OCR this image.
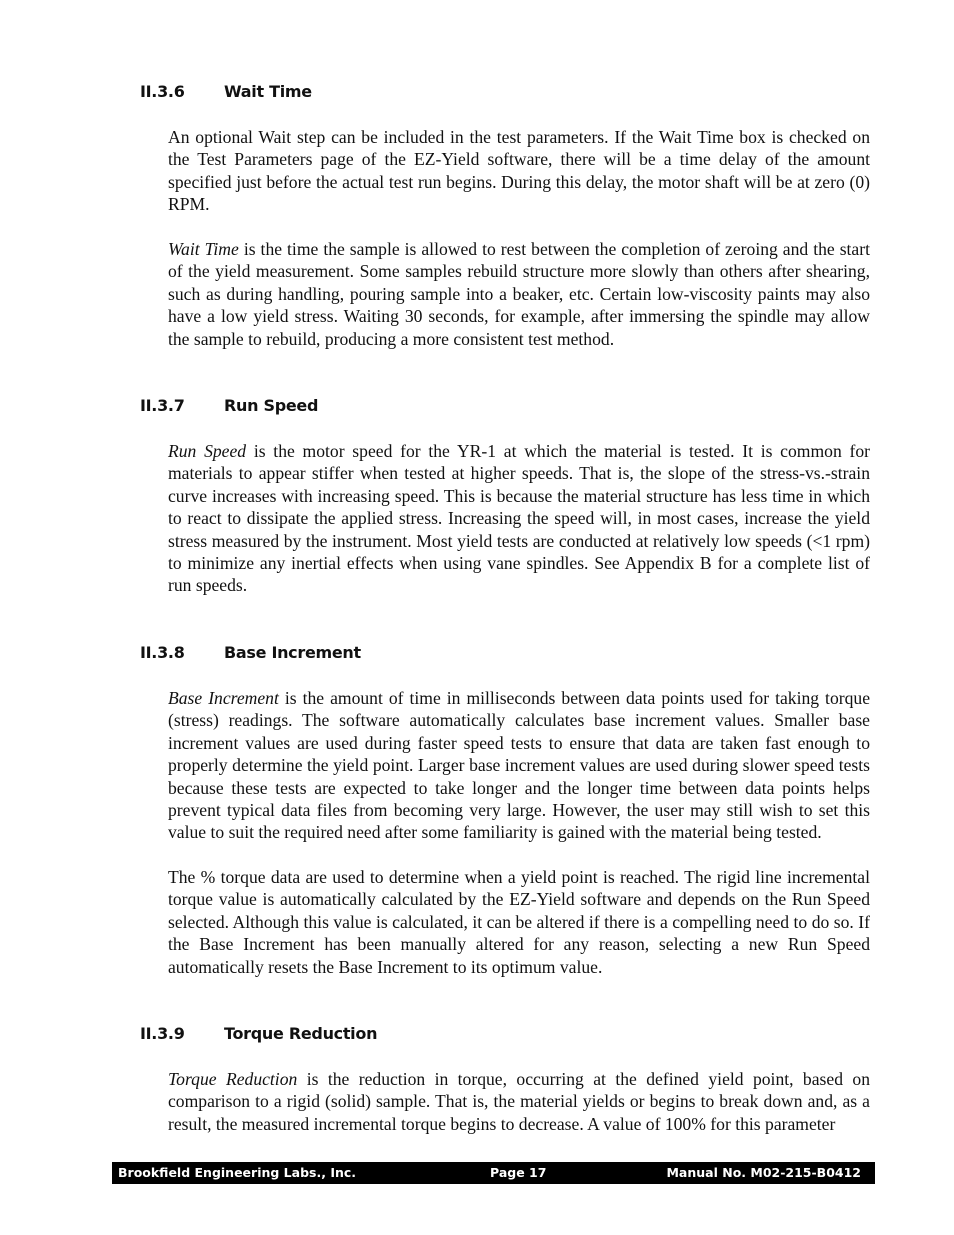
II.3.6 Wait Time

An optional Wait step can be included in the test parameters. If the Wait Time box is checked on the Test Parameters page of the EZ-Yield software, there will be a time delay of the amount specified just before the actual test run begins. During this delay, the motor shaft will be at zero (0) RPM.

Wait Time is the time the sample is allowed to rest between the completion of zeroing and the start of the yield measurement. Some samples rebuild structure more slowly than others after shearing, such as during handling, pouring sample into a beaker, etc. Certain low-viscosity paints may also have a low yield stress. Waiting 30 seconds, for example, after immersing the spindle may allow the sample to rebuild, producing a more consistent test method.

II.3.7 Run Speed

Run Speed is the motor speed for the YR-1 at which the material is tested. It is common for materials to appear stiffer when tested at higher speeds. That is, the slope of the stress-vs.-strain curve increases with increasing speed. This is because the material structure has less time in which to react to dissipate the applied stress. Increasing the speed will, in most cases, increase the yield stress measured by the instrument. Most yield tests are conducted at relatively low speeds (<1 rpm) to minimize any inertial effects when using vane spindles. See Appendix B for a complete list of run speeds.

II.3.8 Base Increment

Base Increment is the amount of time in milliseconds between data points used for taking torque (stress) readings. The software automatically calculates base increment values. Smaller base increment values are used during faster speed tests to ensure that data are taken fast enough to properly determine the yield point. Larger base increment values are used during slower speed tests because these tests are expected to take longer and the longer time between data points helps prevent typical data files from becoming very large. However, the user may still wish to set this value to suit the required need after some familiarity is gained with the material being tested.

The % torque data are used to determine when a yield point is reached. The rigid line incremental torque value is automatically calculated by the EZ-Yield software and depends on the Run Speed selected. Although this value is calculated, it can be altered if there is a compelling need to do so. If the Base Increment has been manually altered for any reason, selecting a new Run Speed automatically resets the Base Increment to its optimum value.

II.3.9 Torque Reduction

Torque Reduction is the reduction in torque, occurring at the defined yield point, based on comparison to a rigid (solid) sample. That is, the material yields or begins to break down and, as a result, the measured incremental torque begins to decrease. A value of 100% for this parameter

Brookfield Engineering Labs., Inc.	Page 17	Manual No. M02-215-B0412
